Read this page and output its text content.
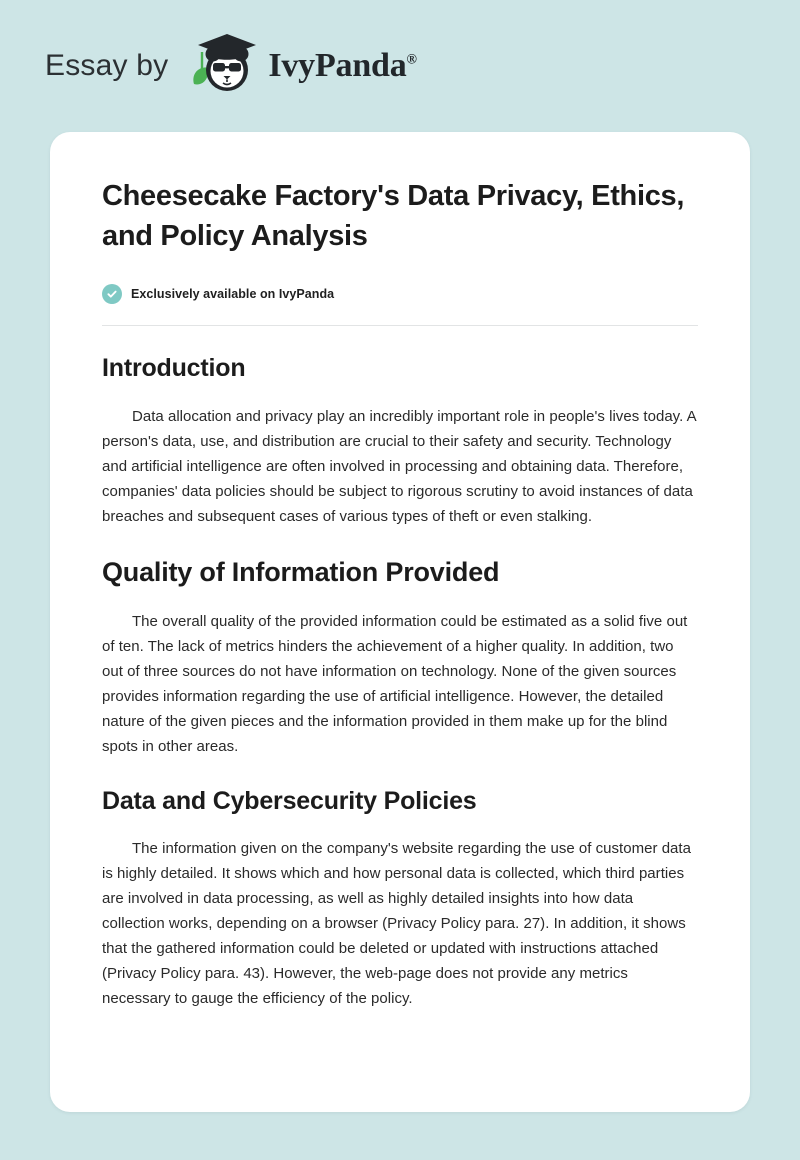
Essay by	IvyPanda®
Cheesecake Factory's Data Privacy, Ethics, and Policy Analysis
Exclusively available on IvyPanda
Introduction

Data allocation and privacy play an incredibly important role in people's lives today. A person's data, use, and distribution are crucial to their safety and security. Technology and artificial intelligence are often involved in processing and obtaining data. Therefore, companies' data policies should be subject to rigorous scrutiny to avoid instances of data breaches and subsequent cases of various types of theft or even stalking.

Quality of Information Provided

The overall quality of the provided information could be estimated as a solid five out of ten. The lack of metrics hinders the achievement of a higher quality. In addition, two out of three sources do not have information on technology. None of the given sources provides information regarding the use of artificial intelligence. However, the detailed nature of the given pieces and the information provided in them make up for the blind spots in other areas.

Data and Cybersecurity Policies

The information given on the company's website regarding the use of customer data is highly detailed. It shows which and how personal data is collected, which third parties are involved in data processing, as well as highly detailed insights into how data collection works, depending on a browser (Privacy Policy para. 27). In addition, it shows that the gathered information could be deleted or updated with instructions attached (Privacy Policy para. 43). However, the web-page does not provide any metrics necessary to gauge the efficiency of the policy.
